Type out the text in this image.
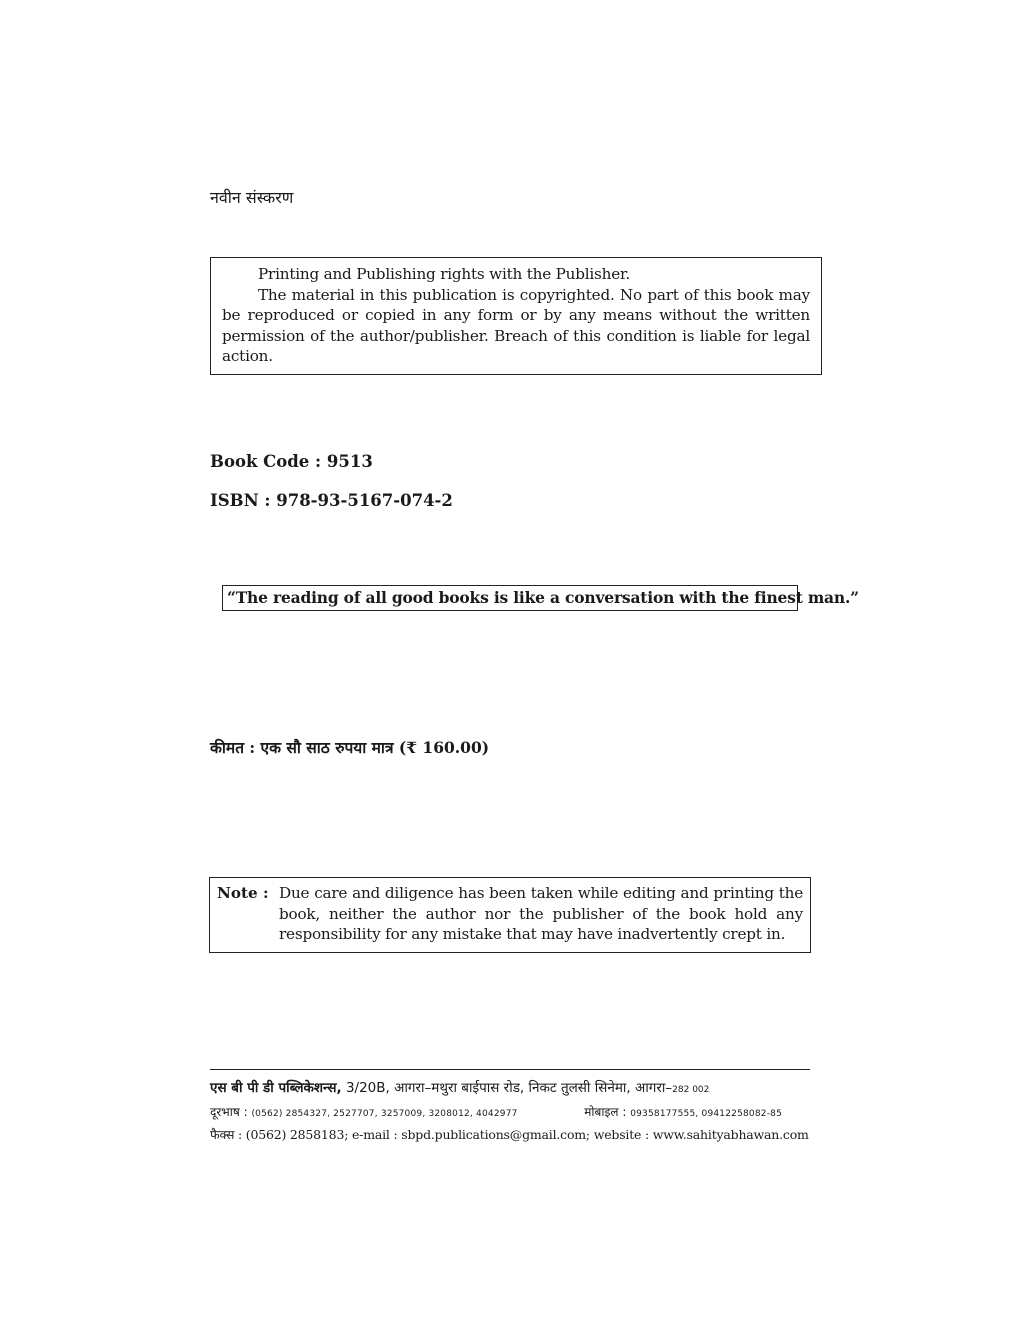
नवीन संस्करण

Printing and Publishing rights with the Publisher.

The material in this publication is copyrighted. No part of this book may be reproduced or copied in any form or by any means without the written permission of the author/publisher. Breach of this condition is liable for legal action.

Book Code : 9513
ISBN : 978-93-5167-074-2
“The reading of all good books is like a conversation with the finest man.”
कीमत : एक सौ साठ रुपया मात्र (₹ 160.00)
Note : Due care and diligence has been taken while editing and printing the book, neither the author nor the publisher of the book hold any responsibility for any mistake that may have inadvertently crept in.
एस बी पी डी पब्लिकेशन्स, 3/20B, आगरा–मथुरा बाईपास रोड, निकट तुलसी सिनेमा, आगरा–282 002
दूरभाष : (0562) 2854327, 2527707, 3257009, 3208012, 4042977	मोबाइल : 09358177555, 09412258082-85
फैक्स : (0562) 2858183; e-mail : sbpd.publications@gmail.com; website : www.sahityabhawan.com
